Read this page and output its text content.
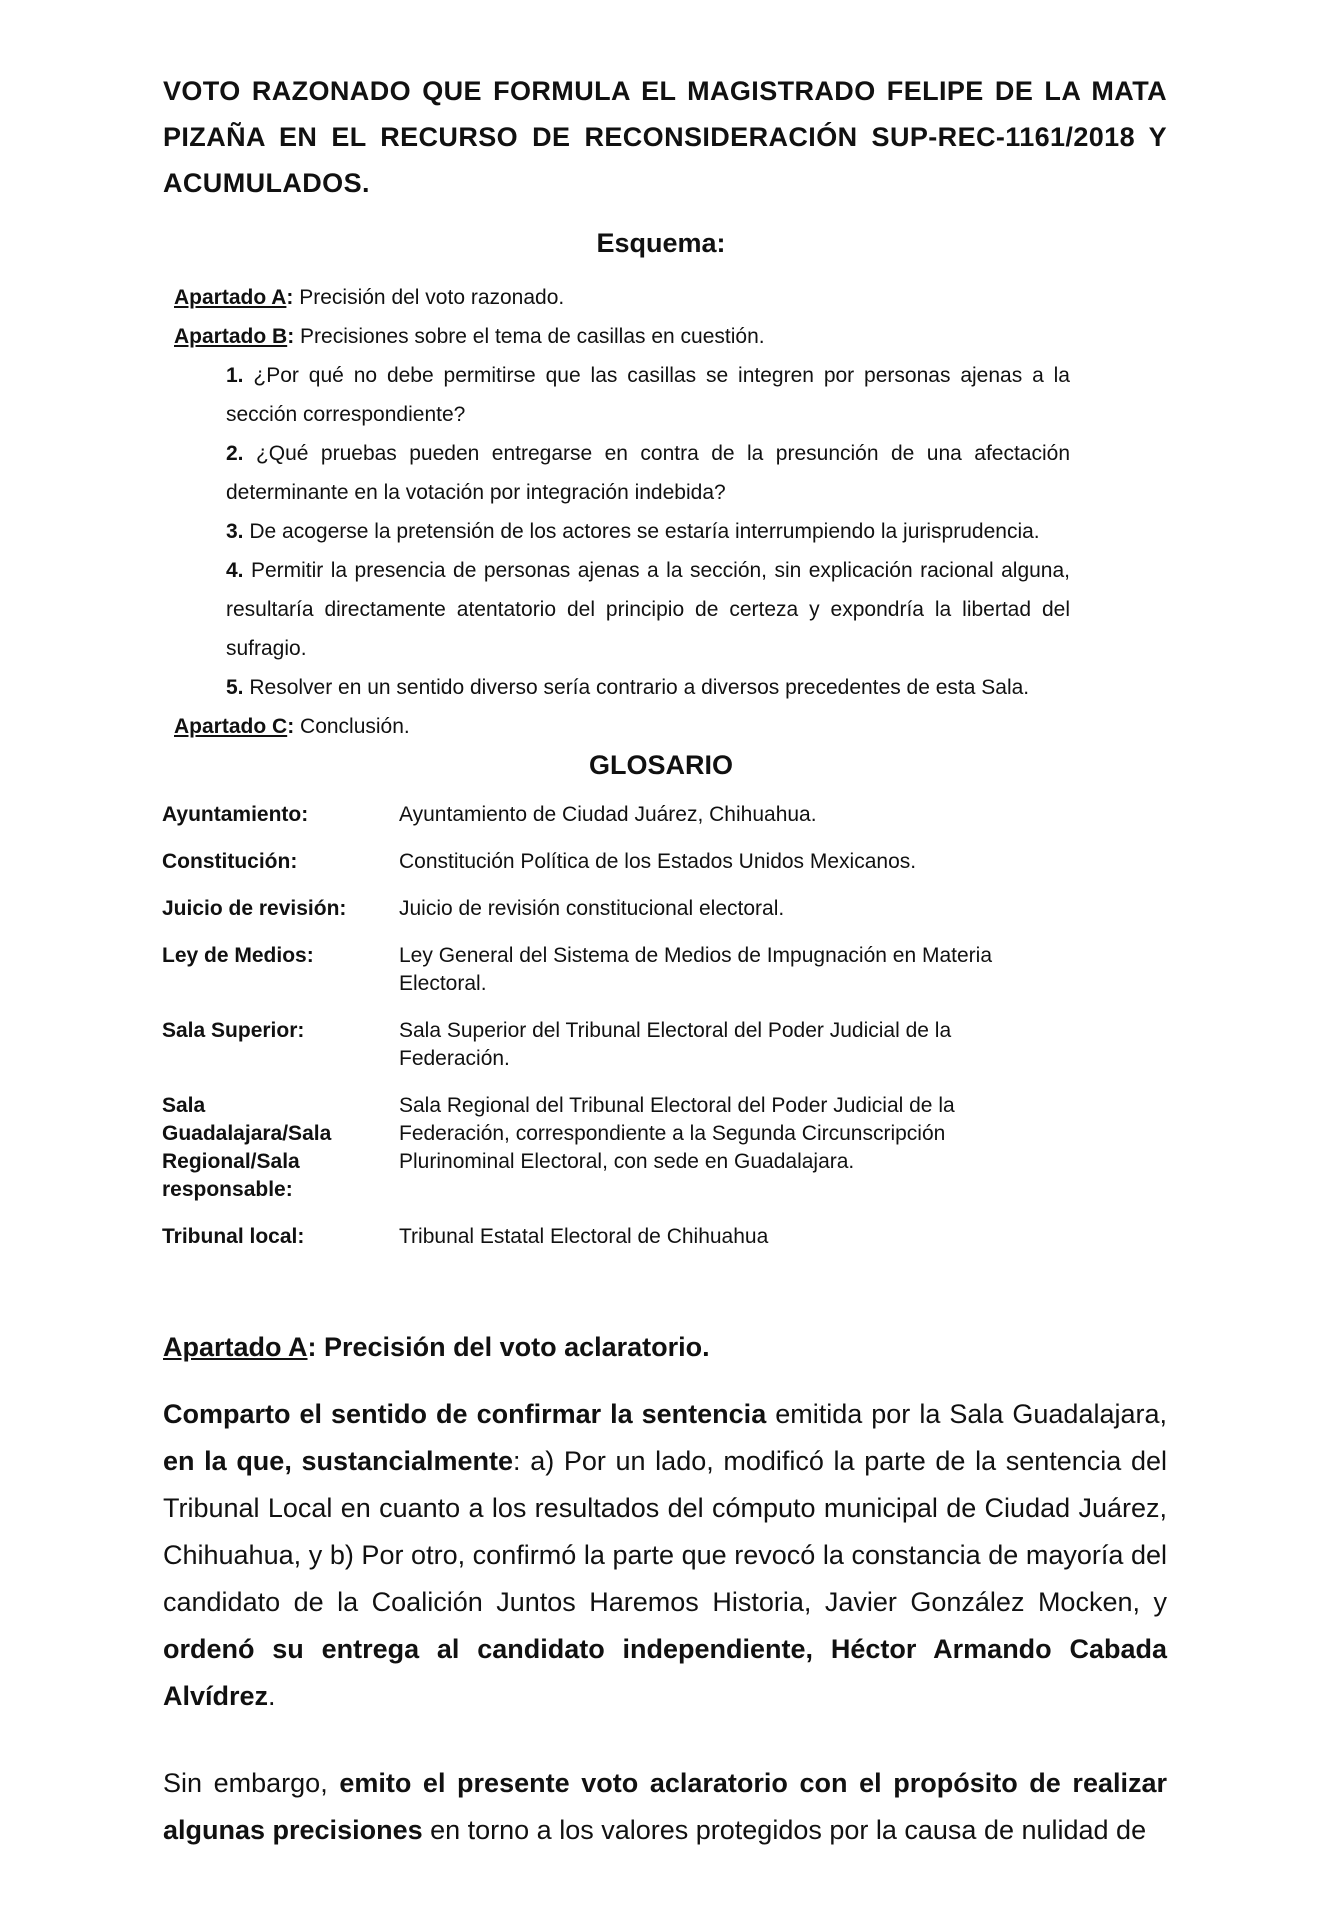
VOTO RAZONADO QUE FORMULA EL MAGISTRADO FELIPE DE LA MATA PIZAÑA EN EL RECURSO DE RECONSIDERACIÓN SUP-REC-1161/2018 Y ACUMULADOS.

Esquema:

Apartado A: Precisión del voto razonado.

Apartado B: Precisiones sobre el tema de casillas en cuestión.

1. ¿Por qué no debe permitirse que las casillas se integren por personas ajenas a la sección correspondiente?

2. ¿Qué pruebas pueden entregarse en contra de la presunción de una afectación determinante en la votación por integración indebida?

3. De acogerse la pretensión de los actores se estaría interrumpiendo la jurisprudencia.

4. Permitir la presencia de personas ajenas a la sección, sin explicación racional alguna, resultaría directamente atentatorio del principio de certeza y expondría la libertad del sufragio.

5. Resolver en un sentido diverso sería contrario a diversos precedentes de esta Sala.

Apartado C: Conclusión.

GLOSARIO

Ayuntamiento:	Ayuntamiento de Ciudad Juárez, Chihuahua.
Constitución:	Constitución Política de los Estados Unidos Mexicanos.
Juicio de revisión:	Juicio de revisión constitucional electoral.
Ley de Medios:	Ley General del Sistema de Medios de Impugnación en Materia Electoral.
Sala Superior:	Sala Superior del Tribunal Electoral del Poder Judicial de la Federación.
Sala Guadalajara/Sala Regional/Sala responsable:
Sala Regional del Tribunal Electoral del Poder Judicial de la Federación, correspondiente a la Segunda Circunscripción Plurinominal Electoral, con sede en Guadalajara.
Tribunal local:	Tribunal Estatal Electoral de Chihuahua

Apartado A: Precisión del voto aclaratorio.

Comparto el sentido de confirmar la sentencia emitida por la Sala Guadalajara, en la que, sustancialmente: a) Por un lado, modificó la parte de la sentencia del Tribunal Local en cuanto a los resultados del cómputo municipal de Ciudad Juárez, Chihuahua, y b) Por otro, confirmó la parte que revocó la constancia de mayoría del candidato de la Coalición Juntos Haremos Historia, Javier González Mocken, y ordenó su entrega al candidato independiente, Héctor Armando Cabada Alvídrez.

Sin embargo, emito el presente voto aclaratorio con el propósito de realizar algunas precisiones en torno a los valores protegidos por la causa de nulidad de
